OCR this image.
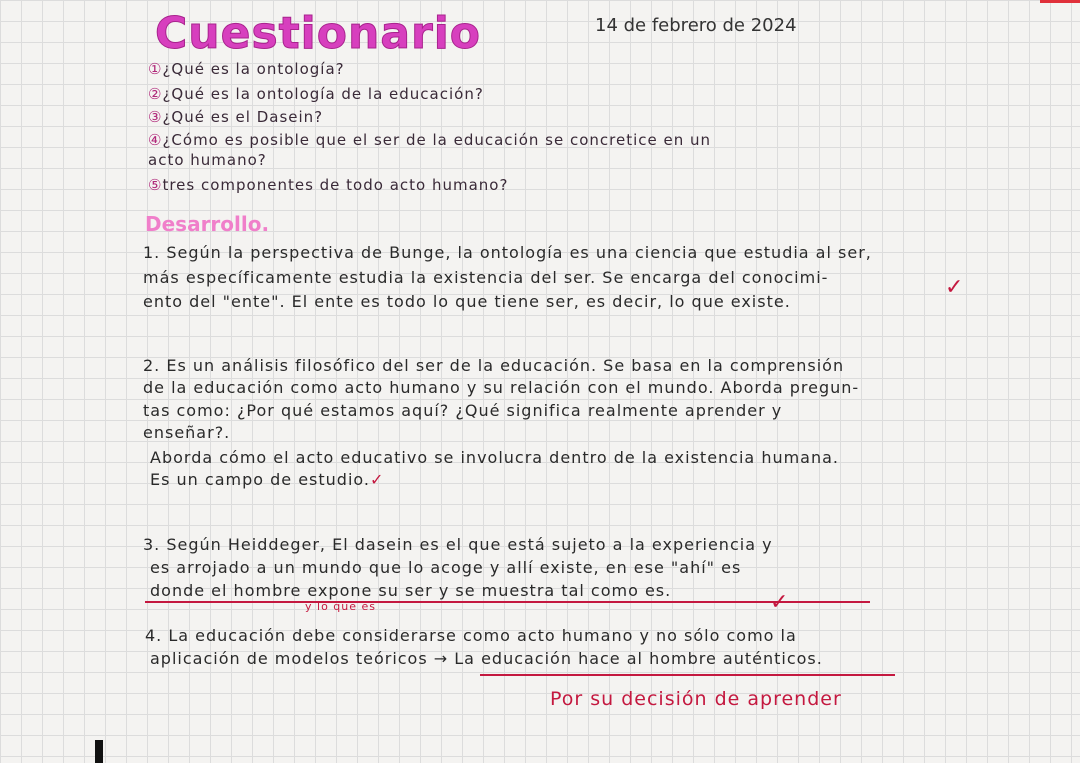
Cuestionario	14 de febrero de 2024
①¿Qué es la ontología?
②¿Qué es la ontología de la educación?
③¿Qué es el Dasein?
④¿Cómo es posible que el ser de la educación se concretice en un
acto humano?
⑤tres componentes de todo acto humano?
Desarrollo.
1. Según la perspectiva de Bunge, la ontología es una ciencia que estudia al ser,
más específicamente estudia la existencia del ser. Se encarga del conocimi-
ento del "ente". El ente es todo lo que tiene ser, es decir, lo que existe.
✓
2. Es un análisis filosófico del ser de la educación. Se basa en la comprensión
de la educación como acto humano y su relación con el mundo. Aborda pregun-
tas como: ¿Por qué estamos aquí? ¿Qué significa realmente aprender y
enseñar?.
Aborda cómo el acto educativo se involucra dentro de la existencia humana.
Es un campo de estudio.✓
3. Según Heiddeger, El dasein es el que está sujeto a la experiencia y
es arrojado a un mundo que lo acoge y allí existe, en ese "ahí" es
donde el hombre expone su ser y se muestra tal como es.
y lo que es	✓
4. La educación debe considerarse como acto humano y no sólo como la
aplicación de modelos teóricos → La educación hace al hombre auténticos.
Por su decisión de aprender
